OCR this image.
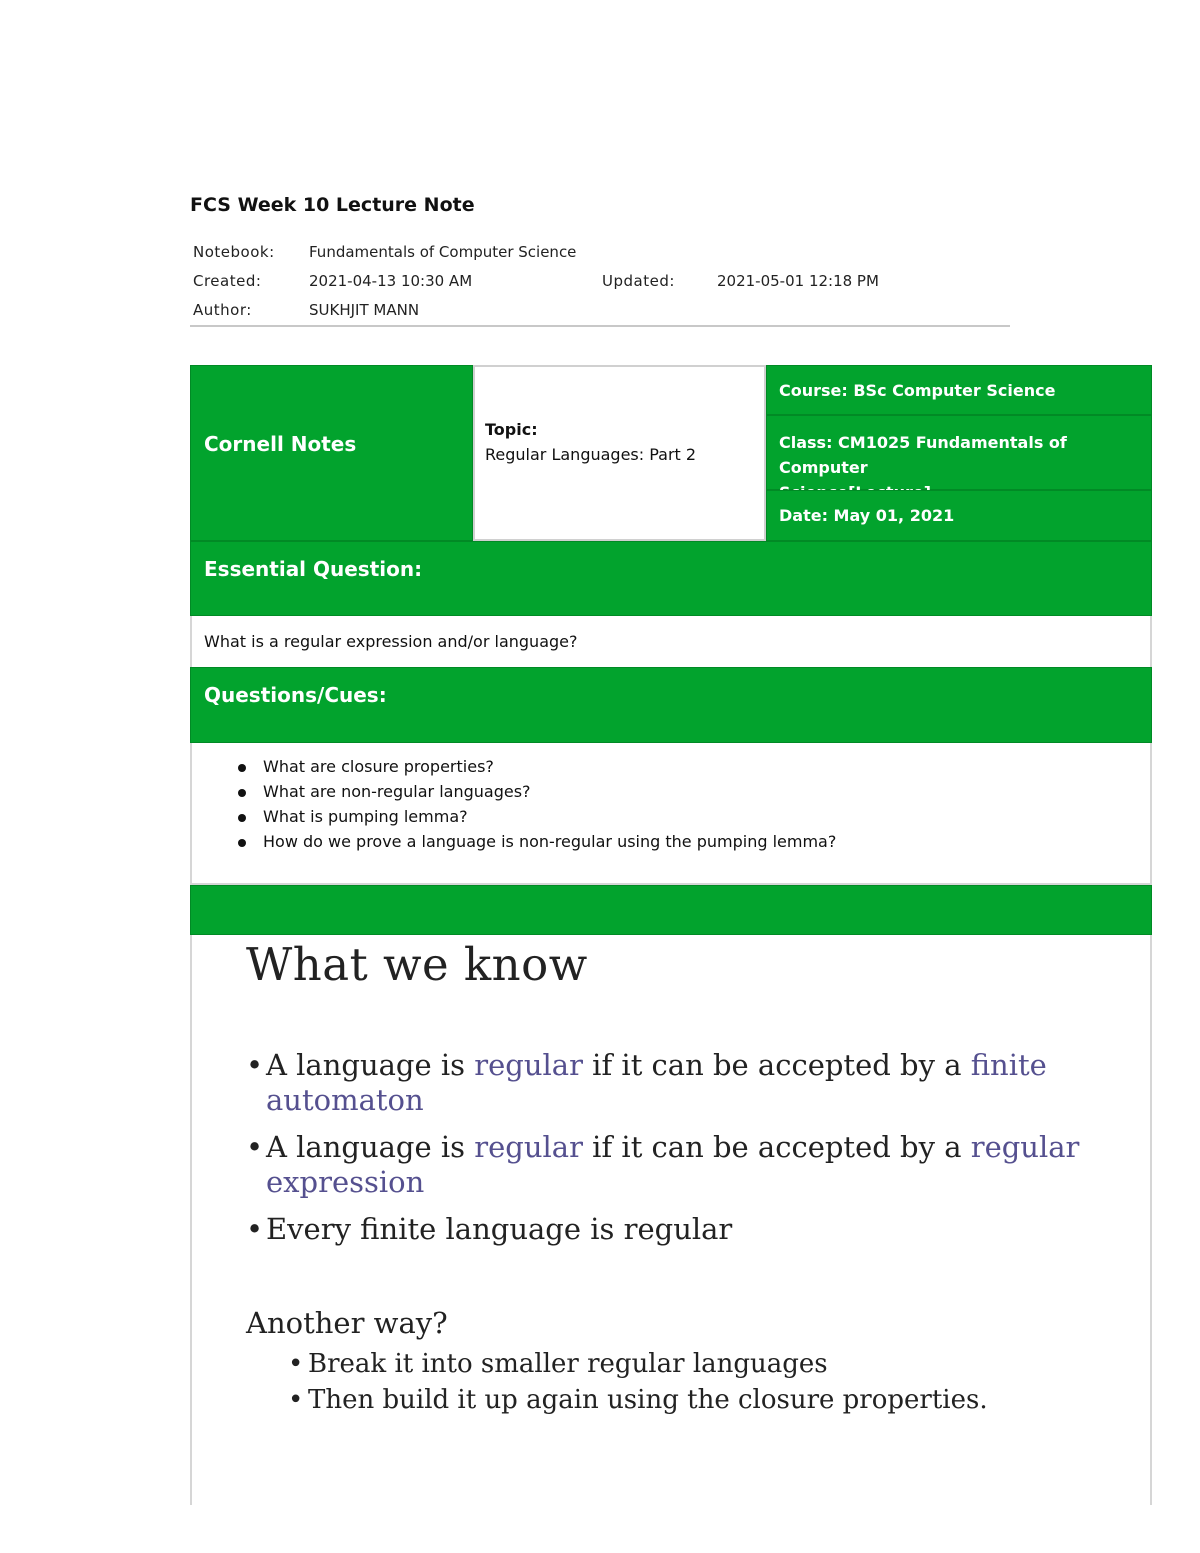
FCS Week 10 Lecture Note
Notebook: Fundamentals of Computer Science
Created:	2021-04-13 10:30 AM	Updated:	2021-05-01 12:18 PM
Author:	SUKHJIT MANN
Cornell Notes
Topic:
Regular Languages: Part 2
Course: BSc Computer Science
Class: CM1025 Fundamentals of Computer
Date: May 01, 2021
Essential Question:
What is a regular expression and/or language?
Questions/Cues:
What are closure properties?
What are non-regular languages?
What is pumping lemma?
How do we prove a language is non-regular using the pumping lemma?
What we know
• A language is regular if it can be accepted by a finite automaton
• A language is regular if it can be accepted by a regular expression
• Every finite language is regular
Another way?
• Break it into smaller regular languages
• Then build it up again using the closure properties.
